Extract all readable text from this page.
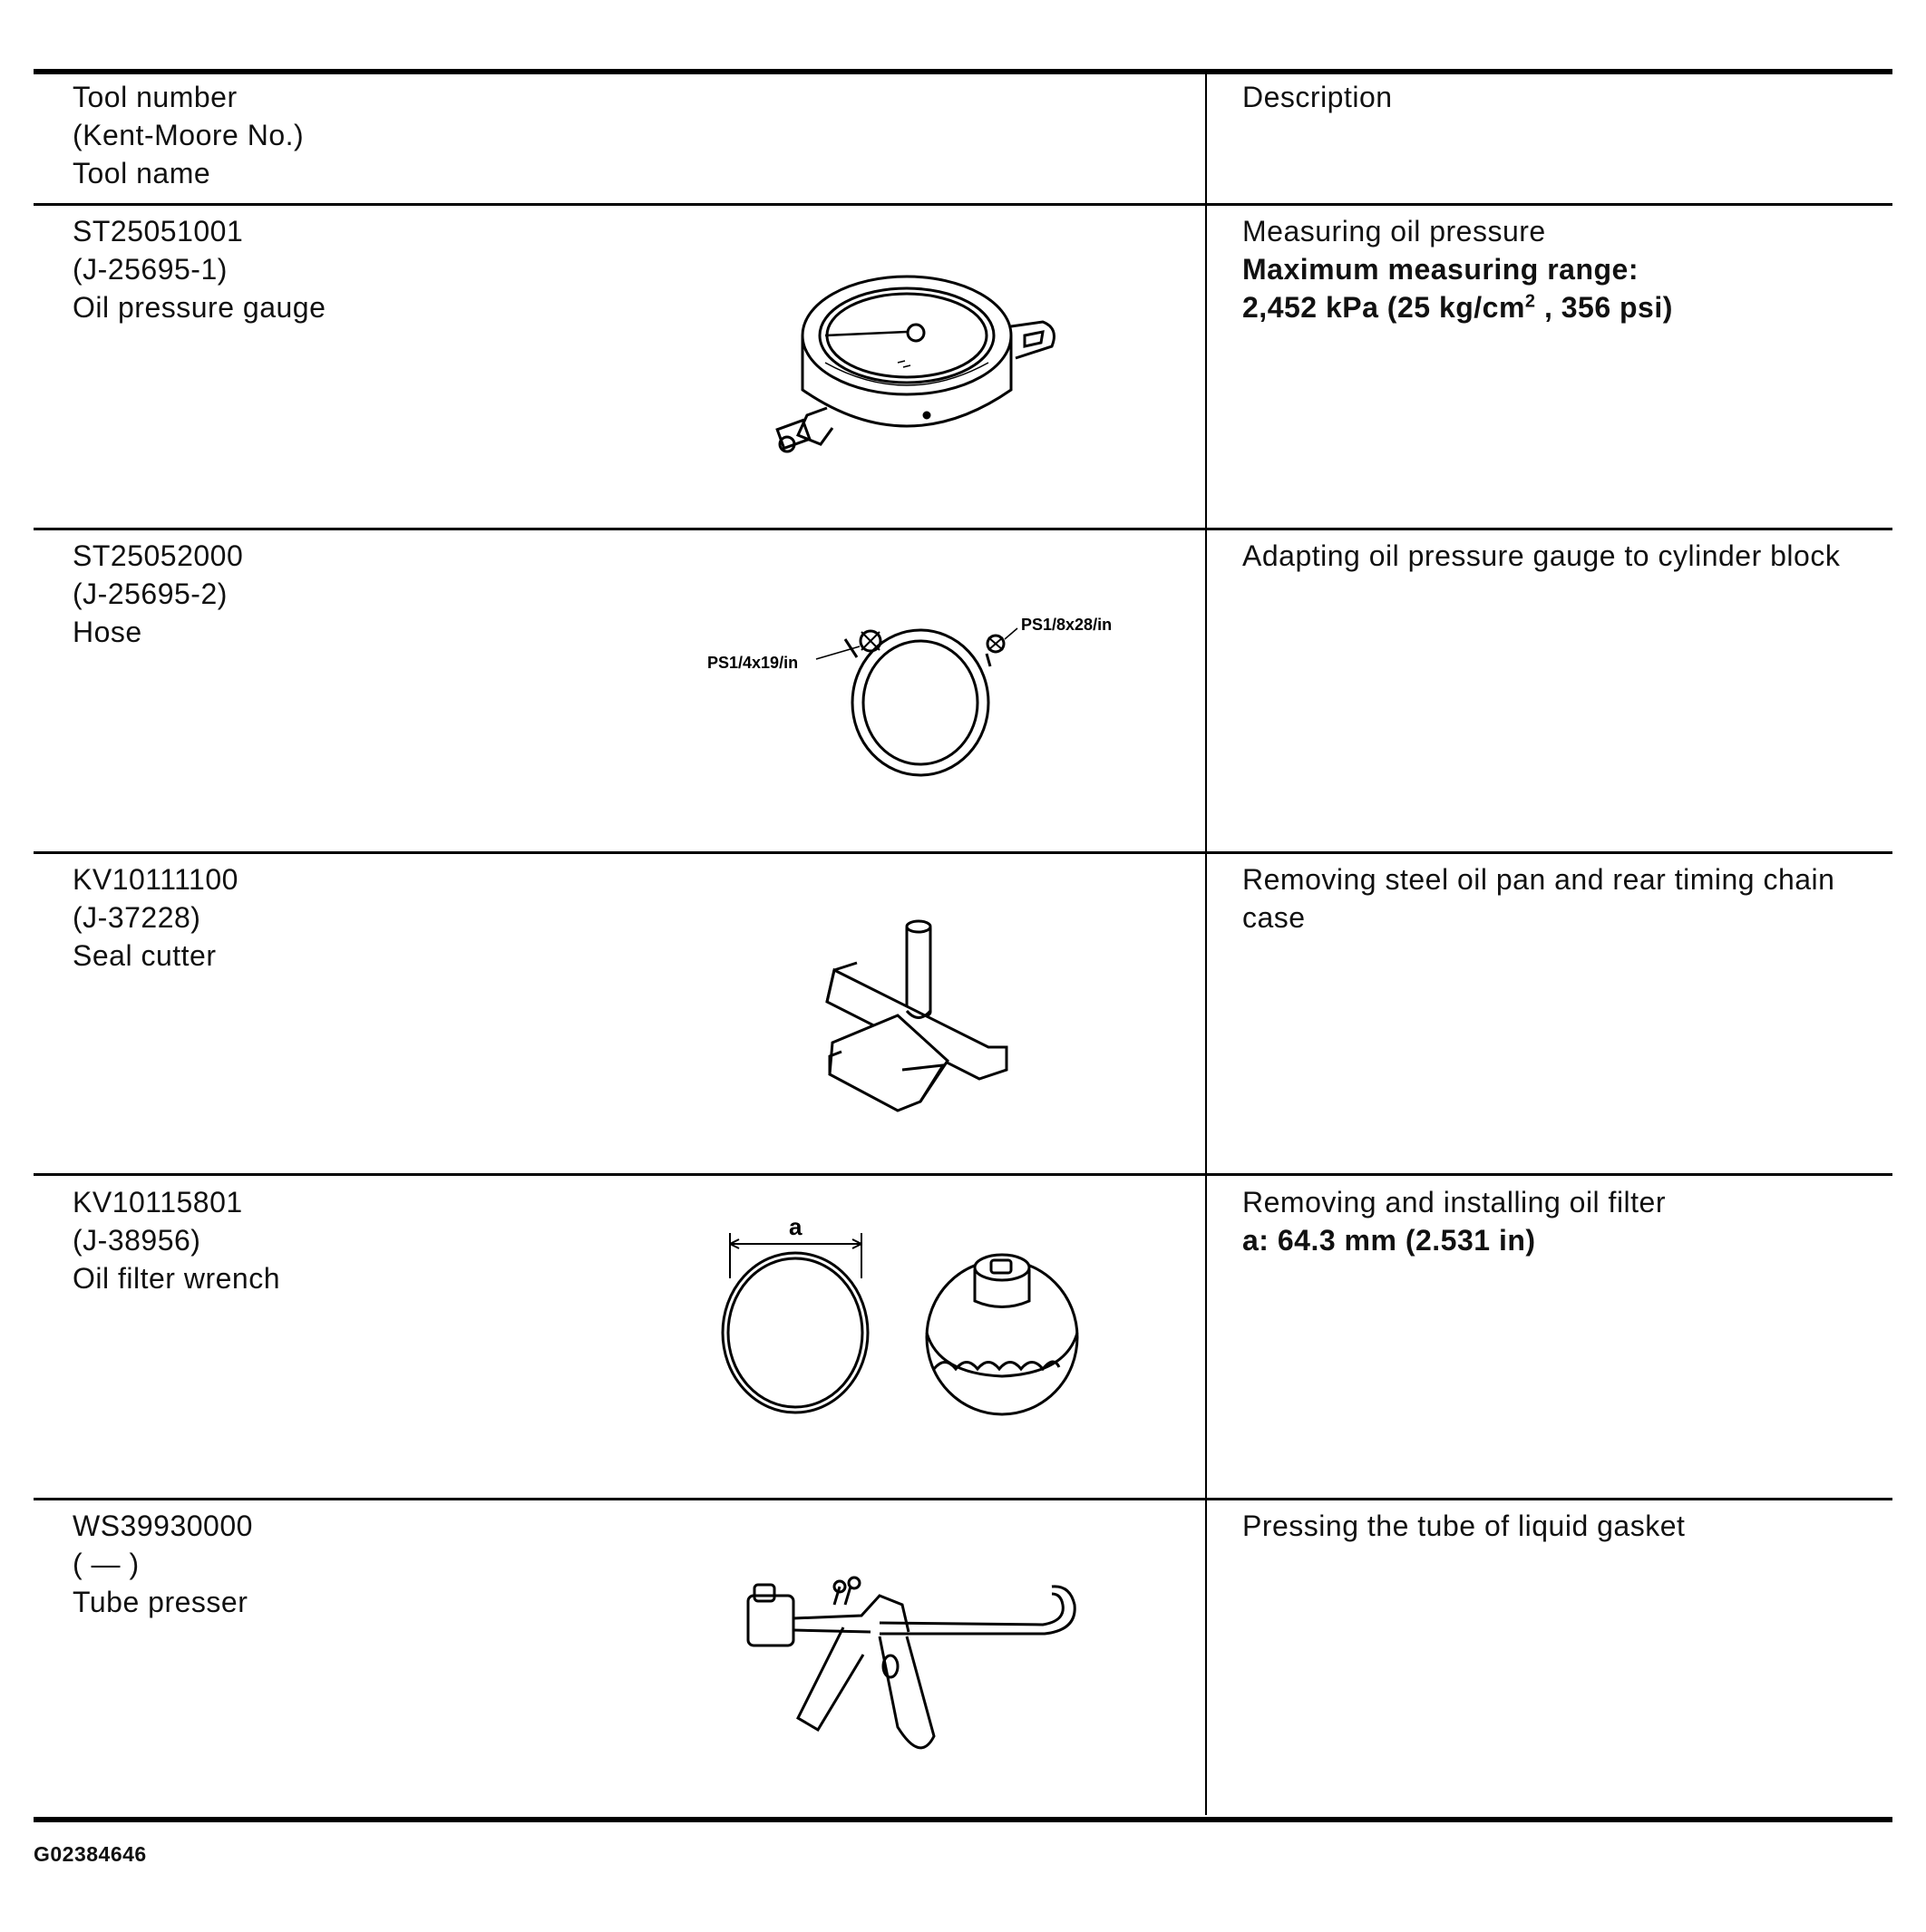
Tool number
(Kent-Moore No.)
Tool name
Description
ST25051001
(J-25695-1)
Oil pressure gauge
Measuring oil pressure
Maximum measuring range:
2,452 kPa (25 $kg/cm^2$ , 356 psi)
ST25052000
(J-25695-2)
Hose
Adapting oil pressure gauge to cylinder block
PS1/4x19/in
PS1/8x28/in
KV10111100
(J-37228)
Seal cutter
Removing steel oil pan and rear timing chain case
KV10115801
(J-38956)
Oil filter wrench
Removing and installing oil filter
a: 64.3 mm (2.531 in)
a
WS39930000
( — )
Tube presser
Pressing the tube of liquid gasket
G02384646
